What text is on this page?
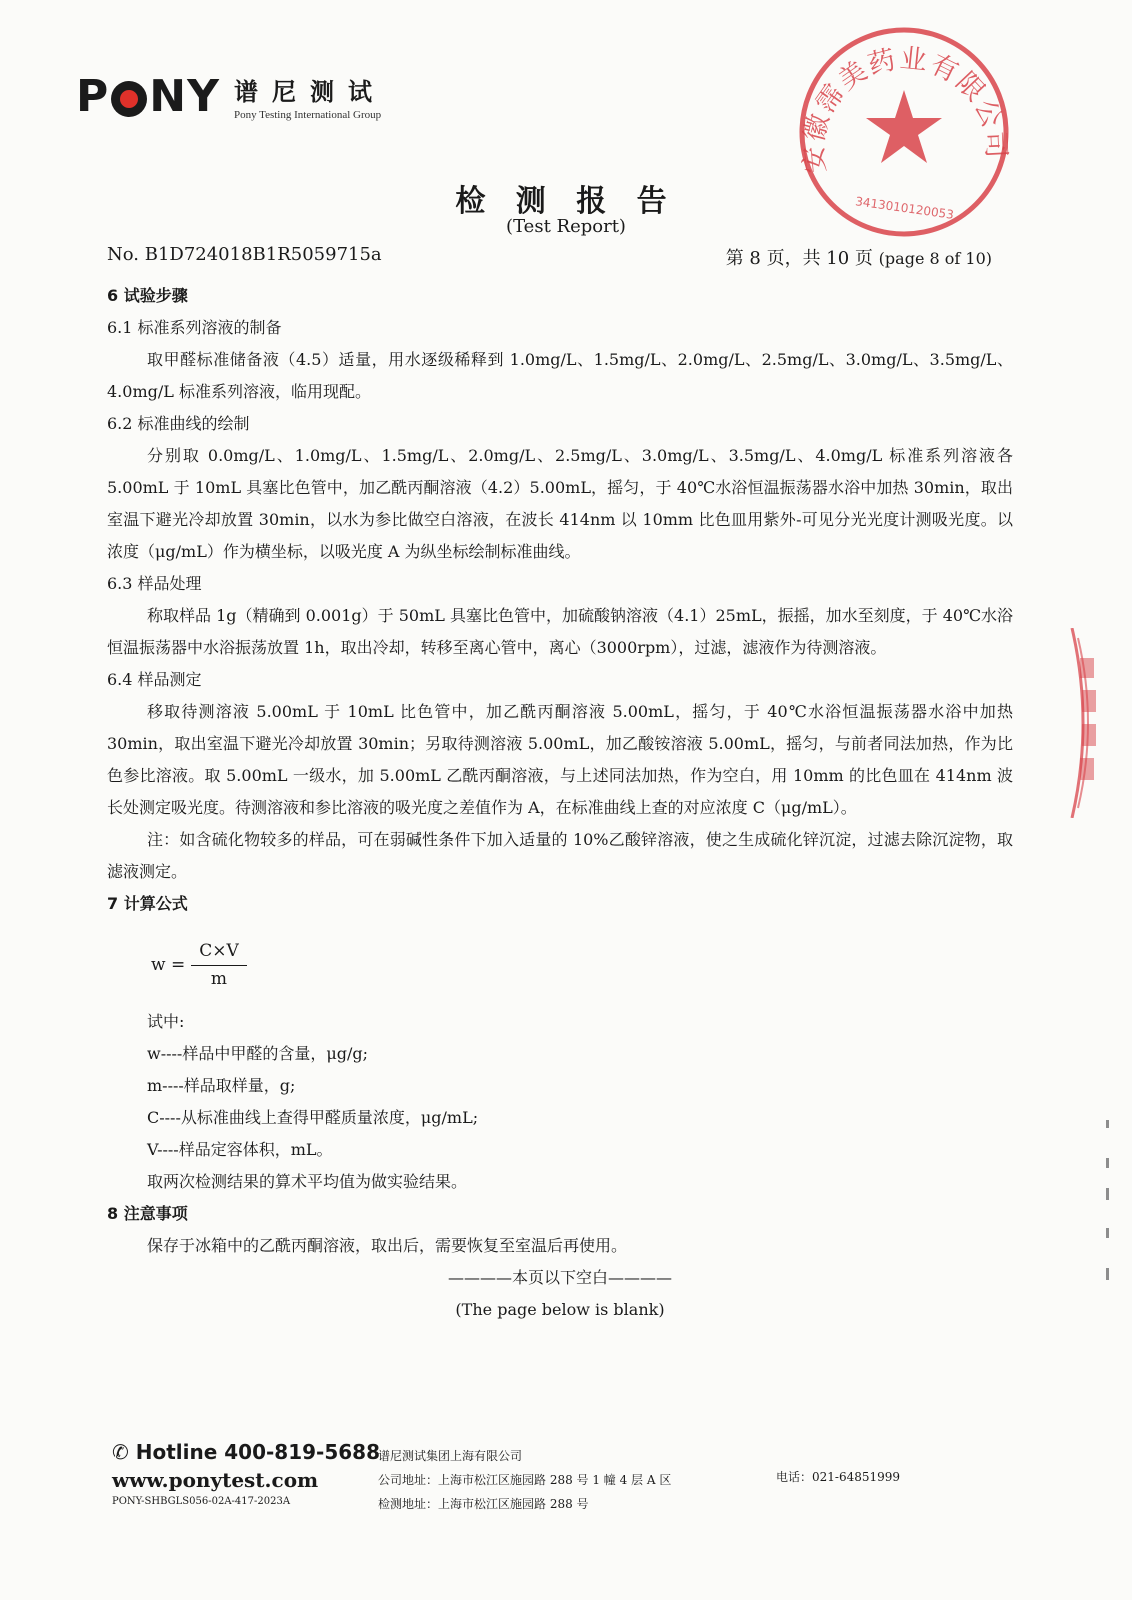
P N Y 谱尼测试
Pony Testing International Group
安徽霈美药业有限公司
3413010120053
检 测 报 告
(Test Report)
No. B1D724018B1R5059715a	第 8 页，共 10 页 (page 8 of 10)

6 试验步骤

6.1 标准系列溶液的制备

取甲醛标准储备液（4.5）适量，用水逐级稀释到 1.0mg/L、1.5mg/L、2.0mg/L、2.5mg/L、3.0mg/L、3.5mg/L、4.0mg/L 标准系列溶液，临用现配。

6.2 标准曲线的绘制

分别取 0.0mg/L、1.0mg/L、1.5mg/L、2.0mg/L、2.5mg/L、3.0mg/L、3.5mg/L、4.0mg/L 标准系列溶液各 5.00mL 于 10mL 具塞比色管中，加乙酰丙酮溶液（4.2）5.00mL，摇匀，于 40℃水浴恒温振荡器水浴中加热 30min，取出室温下避光冷却放置 30min，以水为参比做空白溶液，在波长 414nm 以 10mm 比色皿用紫外-可见分光光度计测吸光度。以浓度（μg/mL）作为横坐标，以吸光度 A 为纵坐标绘制标准曲线。

6.3 样品处理

称取样品 1g（精确到 0.001g）于 50mL 具塞比色管中，加硫酸钠溶液（4.1）25mL，振摇，加水至刻度，于 40℃水浴恒温振荡器中水浴振荡放置 1h，取出冷却，转移至离心管中，离心（3000rpm），过滤，滤液作为待测溶液。

6.4 样品测定

移取待测溶液 5.00mL 于 10mL 比色管中，加乙酰丙酮溶液 5.00mL，摇匀，于 40℃水浴恒温振荡器水浴中加热 30min，取出室温下避光冷却放置 30min；另取待测溶液 5.00mL，加乙酸铵溶液 5.00mL，摇匀，与前者同法加热，作为比色参比溶液。取 5.00mL 一级水，加 5.00mL 乙酰丙酮溶液，与上述同法加热，作为空白，用 10mm 的比色皿在 414nm 波长处测定吸光度。待测溶液和参比溶液的吸光度之差值作为 A，在标准曲线上查的对应浓度 C（μg/mL）。

注：如含硫化物较多的样品，可在弱碱性条件下加入适量的 10%乙酸锌溶液，使之生成硫化锌沉淀，过滤去除沉淀物，取滤液测定。

7 计算公式

$w = \frac{C\times V}{m}$

试中:

w----样品中甲醛的含量，μg/g;

m----样品取样量，g;

C----从标准曲线上查得甲醛质量浓度，μg/mL;

V----样品定容体积，mL。

取两次检测结果的算术平均值为做实验结果。

8 注意事项

保存于冰箱中的乙酰丙酮溶液，取出后，需要恢复至室温后再使用。

————本页以下空白————

(The page below is blank)

✆ Hotline 400-819-5688
www.ponytest.com
PONY-SHBGLS056-02A-417-2023A
谱尼测试集团上海有限公司
公司地址：上海市松江区施园路 288 号 1 幢 4 层 A 区
检测地址：上海市松江区施园路 288 号
电话：021-64851999
